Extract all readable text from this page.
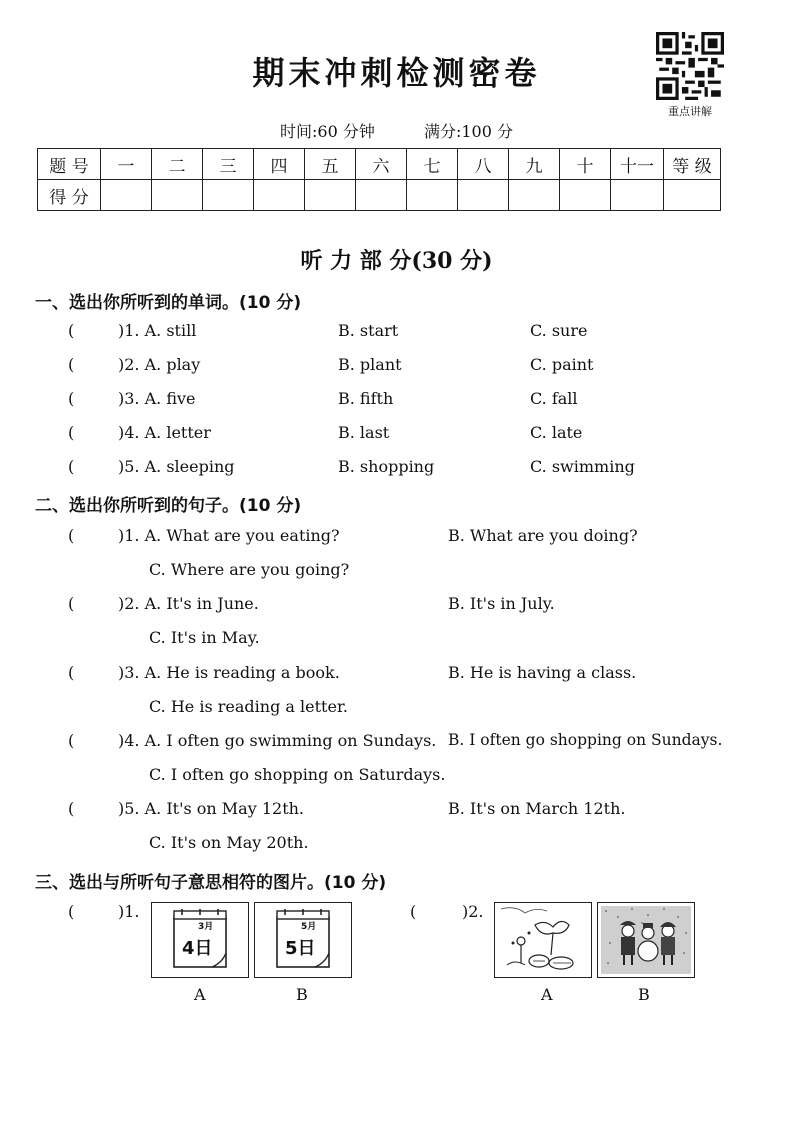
期末冲刺检测密卷
重点讲解
时间:60 分钟	满分:100 分
题 号	一	二	三	四	五	六	七	八	九	十	十一	等 级
得 分												
听 力 部 分(30 分)
一、选出你所听到的单词。(10 分)
(	)1. A. still	B. start	C. sure
(	)2. A. play	B. plant	C. paint
(	)3. A. five	B. fifth	C. fall
(	)4. A. letter	B. last	C. late
(	)5. A. sleeping	B. shopping	C. swimming
二、选出你所听到的句子。(10 分)
(	)1. A. What are you eating?	B. What are you doing?
C. Where are you going?
(	)2. A. It's in June.	B. It's in July.
C. It's in May.
(	)3. A. He is reading a book.	B. He is having a class.
C. He is reading a letter.
(	)4. A. I often go swimming on Sundays. B. I often go shopping on Sundays.
C. I often go shopping on Saturdays.
(	)5. A. It's on May 12th.	B. It's on March 12th.
C. It's on May 20th.
三、选出与所听句子意思相符的图片。(10 分)
(	)1.
3月
4日
5月
5日
A	B
(	)2.
A	B
